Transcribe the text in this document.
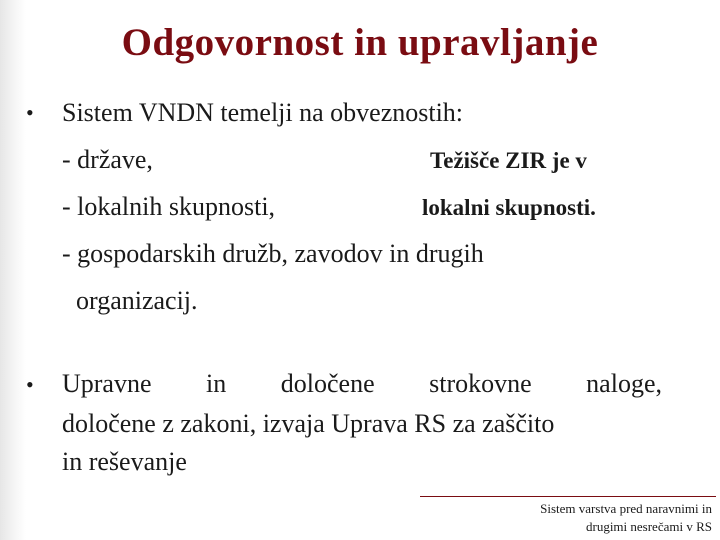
Odgovornost in upravljanje
• Sistem VNDN temelji na obveznostih:
- države,
- lokalnih skupnosti,
- gospodarskih družb, zavodov in drugih
organizacij.
Težišče ZIR je v
lokalni skupnosti.
• Upravne in določene strokovne naloge,
določene z zakoni, izvaja Uprava RS za zaščito
in reševanje
Sistem varstva pred naravnimi in
drugimi nesrečami v RS
